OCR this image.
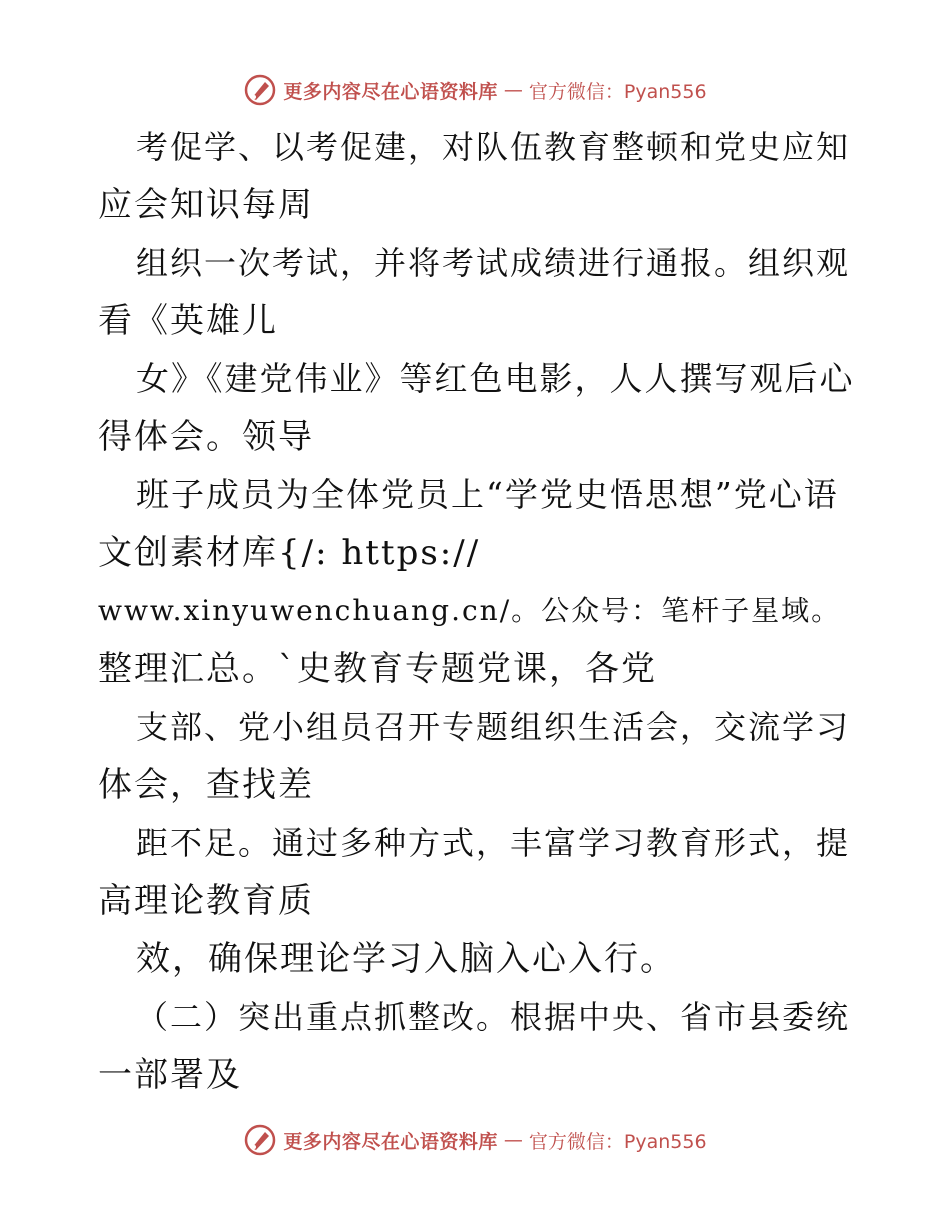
更多内容尽在心语资料库 — 官方微信：Pyan556
考促学、以考促建，对队伍教育整顿和党史应知
应会知识每周
组织一次考试，并将考试成绩进行通报。组织观
看《英雄儿
女》《建党伟业》等红色电影，人人撰写观后心
得体会。领导
班子成员为全体党员上“学党史悟思想”党心语
文创素材库{/: https://
www.xinyuwenchuang.cn/。公众号：笔杆子星域。
整理汇总。`史教育专题党课，各党
支部、党小组员召开专题组织生活会，交流学习
体会，查找差
距不足。通过多种方式，丰富学习教育形式，提
高理论教育质
效，确保理论学习入脑入心入行。
（二）突出重点抓整改。根据中央、省市县委统
一部署及
更多内容尽在心语资料库 — 官方微信：Pyan556
